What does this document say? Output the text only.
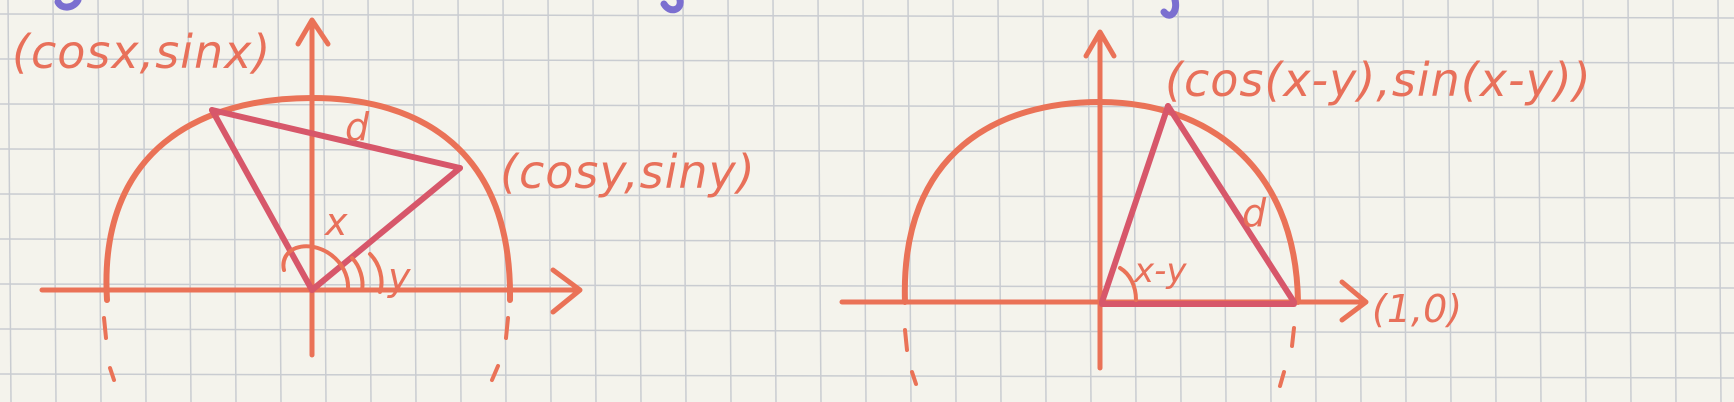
(cosx,sinx)
(cosy,siny)
d
x
y
(cos(x-y),sin(x-y))
(1,0)
d
x-y
